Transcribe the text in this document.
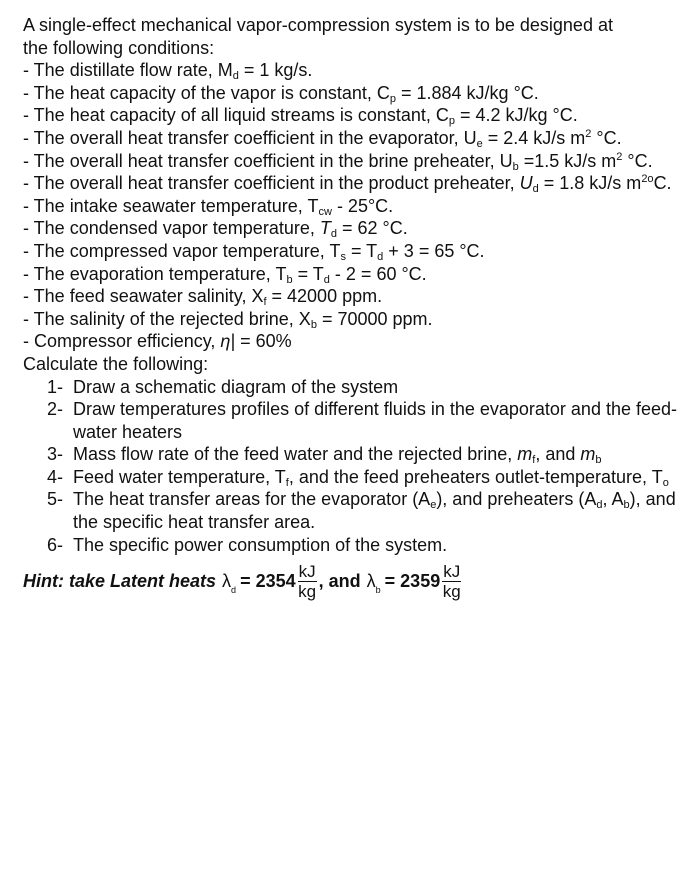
A single-effect mechanical vapor-compression system is to be designed at
the following conditions:

- The distillate flow rate, $M_d = 1$ kg/s.
- The heat capacity of the vapor is constant, $C_p = 1.884$ kJ/kg °C.
- The heat capacity of all liquid streams is constant, $C_p = 4.2$ kJ/kg °C.
- The overall heat transfer coefficient in the evaporator, $U_e = 2.4$ kJ/s $m^2$ °C.
- The overall heat transfer coefficient in the brine preheater, $U_b =1.5$ kJ/s $m^2$ °C.
- The overall heat transfer coefficient in the product preheater, $U_d = 1.8$ kJ/s $m^{2o}C$.
- The intake seawater temperature, $T_{cw} - 25^\circ C$.
- The condensed vapor temperature, $T_d = 62$ °C.
- The compressed vapor temperature, $T_s = T_d + 3 = 65$ °C.
- The evaporation temperature, $T_b = T_d - 2 = 60$ °C.
- The feed seawater salinity, $X_f = 42000$ ppm.
- The salinity of the rejected brine, $X_b = 70000$ ppm.
- Compressor efficiency, η| = 60%
Calculate the following:
1- Draw a schematic diagram of the system
2- Draw temperatures profiles of different fluids in the evaporator and the feed-water heaters
3- Mass flow rate of the feed water and the rejected brine, $m_f$, and $m_b$
4- Feed water temperature, $T_f$, and the feed preheaters outlet-temperature, $T_o$
5- The heat transfer areas for the evaporator $(A_e)$, and preheaters ($A_d$, $A_b$), and the specific heat transfer area.
6- The specific power consumption of the system.
Hint: take Latent heats $\lambda_d = 2354 \frac{kJ}{kg}$ , and $\lambda_b = 2359 \frac{kJ}{kg}$
